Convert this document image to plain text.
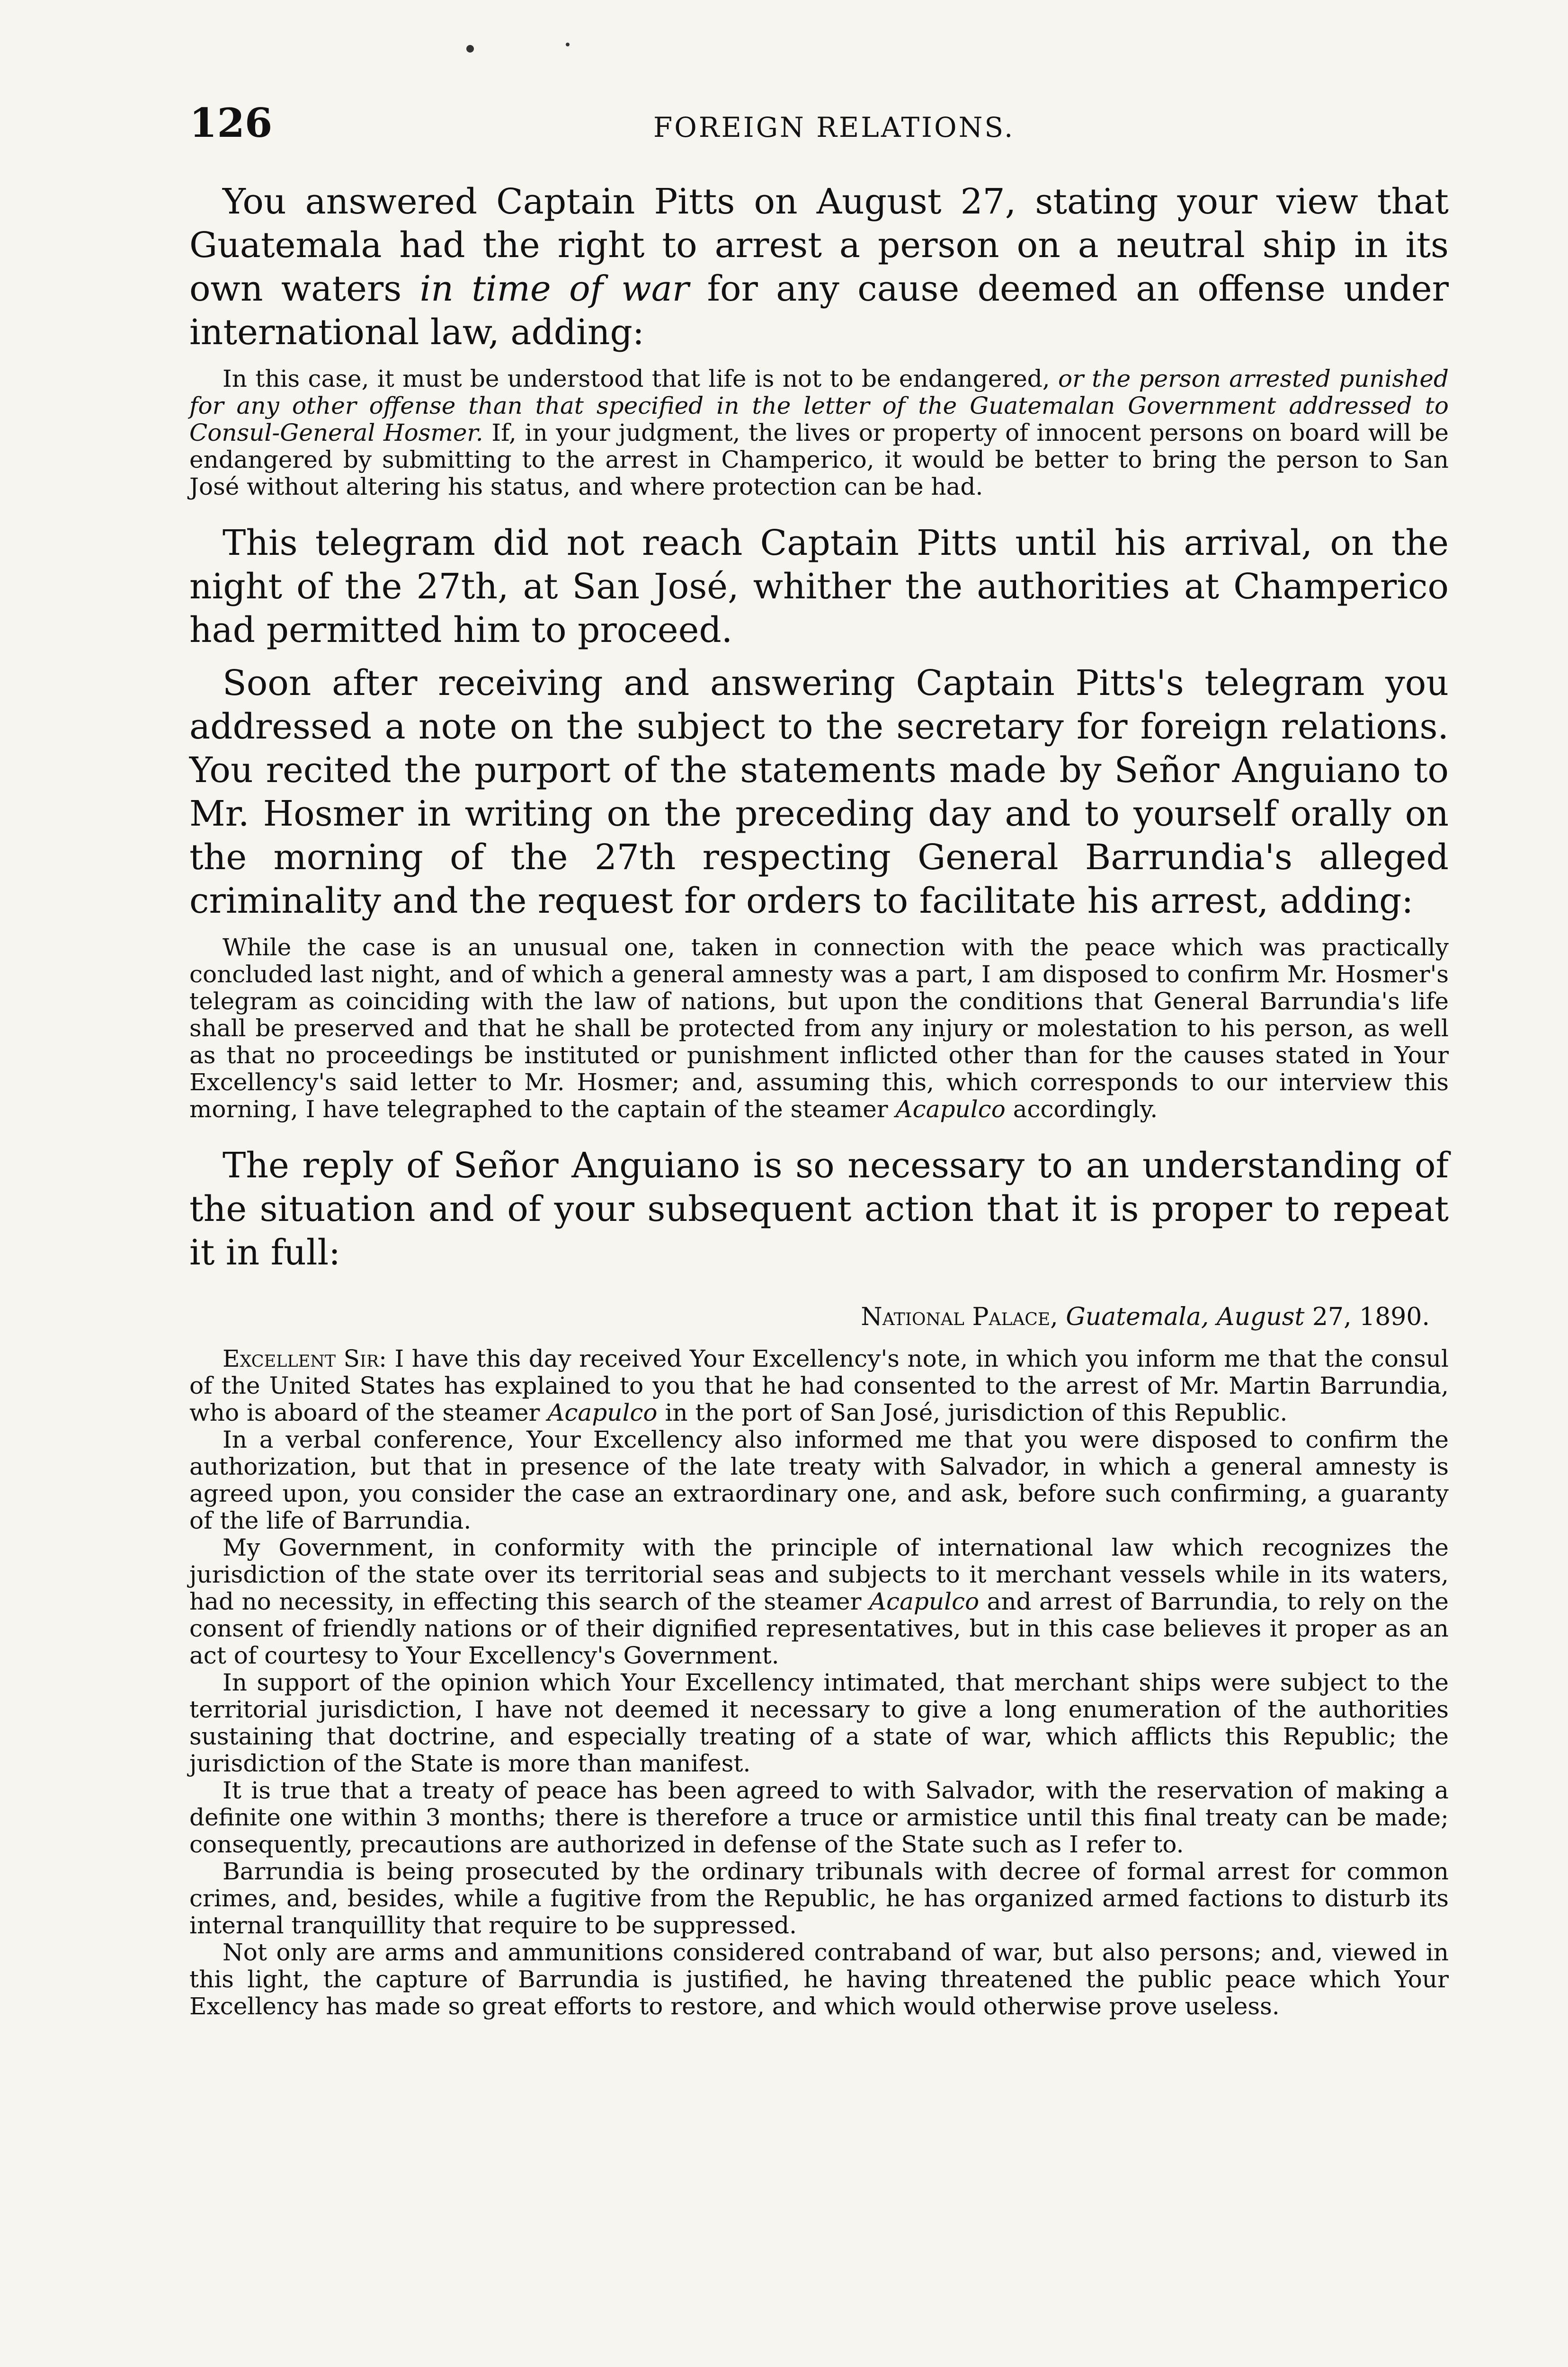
126	FOREIGN RELATIONS.

You answered Captain Pitts on August 27, stating your view that Guatemala had the right to arrest a person on a neutral ship in its own waters in time of war for any cause deemed an offense under international law, adding:

In this case, it must be understood that life is not to be endangered, or the person arrested punished for any other offense than that specified in the letter of the Guatemalan Government addressed to Consul-General Hosmer. If, in your judgment, the lives or property of innocent persons on board will be endangered by submitting to the arrest in Champerico, it would be better to bring the person to San José without altering his status, and where protection can be had.

This telegram did not reach Captain Pitts until his arrival, on the night of the 27th, at San José, whither the authorities at Champerico had permitted him to proceed.

Soon after receiving and answering Captain Pitts's telegram you addressed a note on the subject to the secretary for foreign relations. You recited the purport of the statements made by Señor Anguiano to Mr. Hosmer in writing on the preceding day and to yourself orally on the morning of the 27th respecting General Barrundia's alleged criminality and the request for orders to facilitate his arrest, adding:

While the case is an unusual one, taken in connection with the peace which was practically concluded last night, and of which a general amnesty was a part, I am disposed to confirm Mr. Hosmer's telegram as coinciding with the law of nations, but upon the conditions that General Barrundia's life shall be preserved and that he shall be protected from any injury or molestation to his person, as well as that no proceedings be instituted or punishment inflicted other than for the causes stated in Your Excellency's said letter to Mr. Hosmer; and, assuming this, which corresponds to our interview this morning, I have telegraphed to the captain of the steamer Acapulco accordingly.

The reply of Señor Anguiano is so necessary to an understanding of the situation and of your subsequent action that it is proper to repeat it in full:

National Palace, Guatemala, August 27, 1890.

Excellent Sir: I have this day received Your Excellency's note, in which you inform me that the consul of the United States has explained to you that he had consented to the arrest of Mr. Martin Barrundia, who is aboard of the steamer Acapulco in the port of San José, jurisdiction of this Republic.

In a verbal conference, Your Excellency also informed me that you were disposed to confirm the authorization, but that in presence of the late treaty with Salvador, in which a general amnesty is agreed upon, you consider the case an extraordinary one, and ask, before such confirming, a guaranty of the life of Barrundia.

My Government, in conformity with the principle of international law which recognizes the jurisdiction of the state over its territorial seas and subjects to it merchant vessels while in its waters, had no necessity, in effecting this search of the steamer Acapulco and arrest of Barrundia, to rely on the consent of friendly nations or of their dignified representatives, but in this case believes it proper as an act of courtesy to Your Excellency's Government.

In support of the opinion which Your Excellency intimated, that merchant ships were subject to the territorial jurisdiction, I have not deemed it necessary to give a long enumeration of the authorities sustaining that doctrine, and especially treating of a state of war, which afflicts this Republic; the jurisdiction of the State is more than manifest.

It is true that a treaty of peace has been agreed to with Salvador, with the reservation of making a definite one within 3 months; there is therefore a truce or armistice until this final treaty can be made; consequently, precautions are authorized in defense of the State such as I refer to.

Barrundia is being prosecuted by the ordinary tribunals with decree of formal arrest for common crimes, and, besides, while a fugitive from the Republic, he has organized armed factions to disturb its internal tranquillity that require to be suppressed.

Not only are arms and ammunitions considered contraband of war, but also persons; and, viewed in this light, the capture of Barrundia is justified, he having threatened the public peace which Your Excellency has made so great efforts to restore, and which would otherwise prove useless.
